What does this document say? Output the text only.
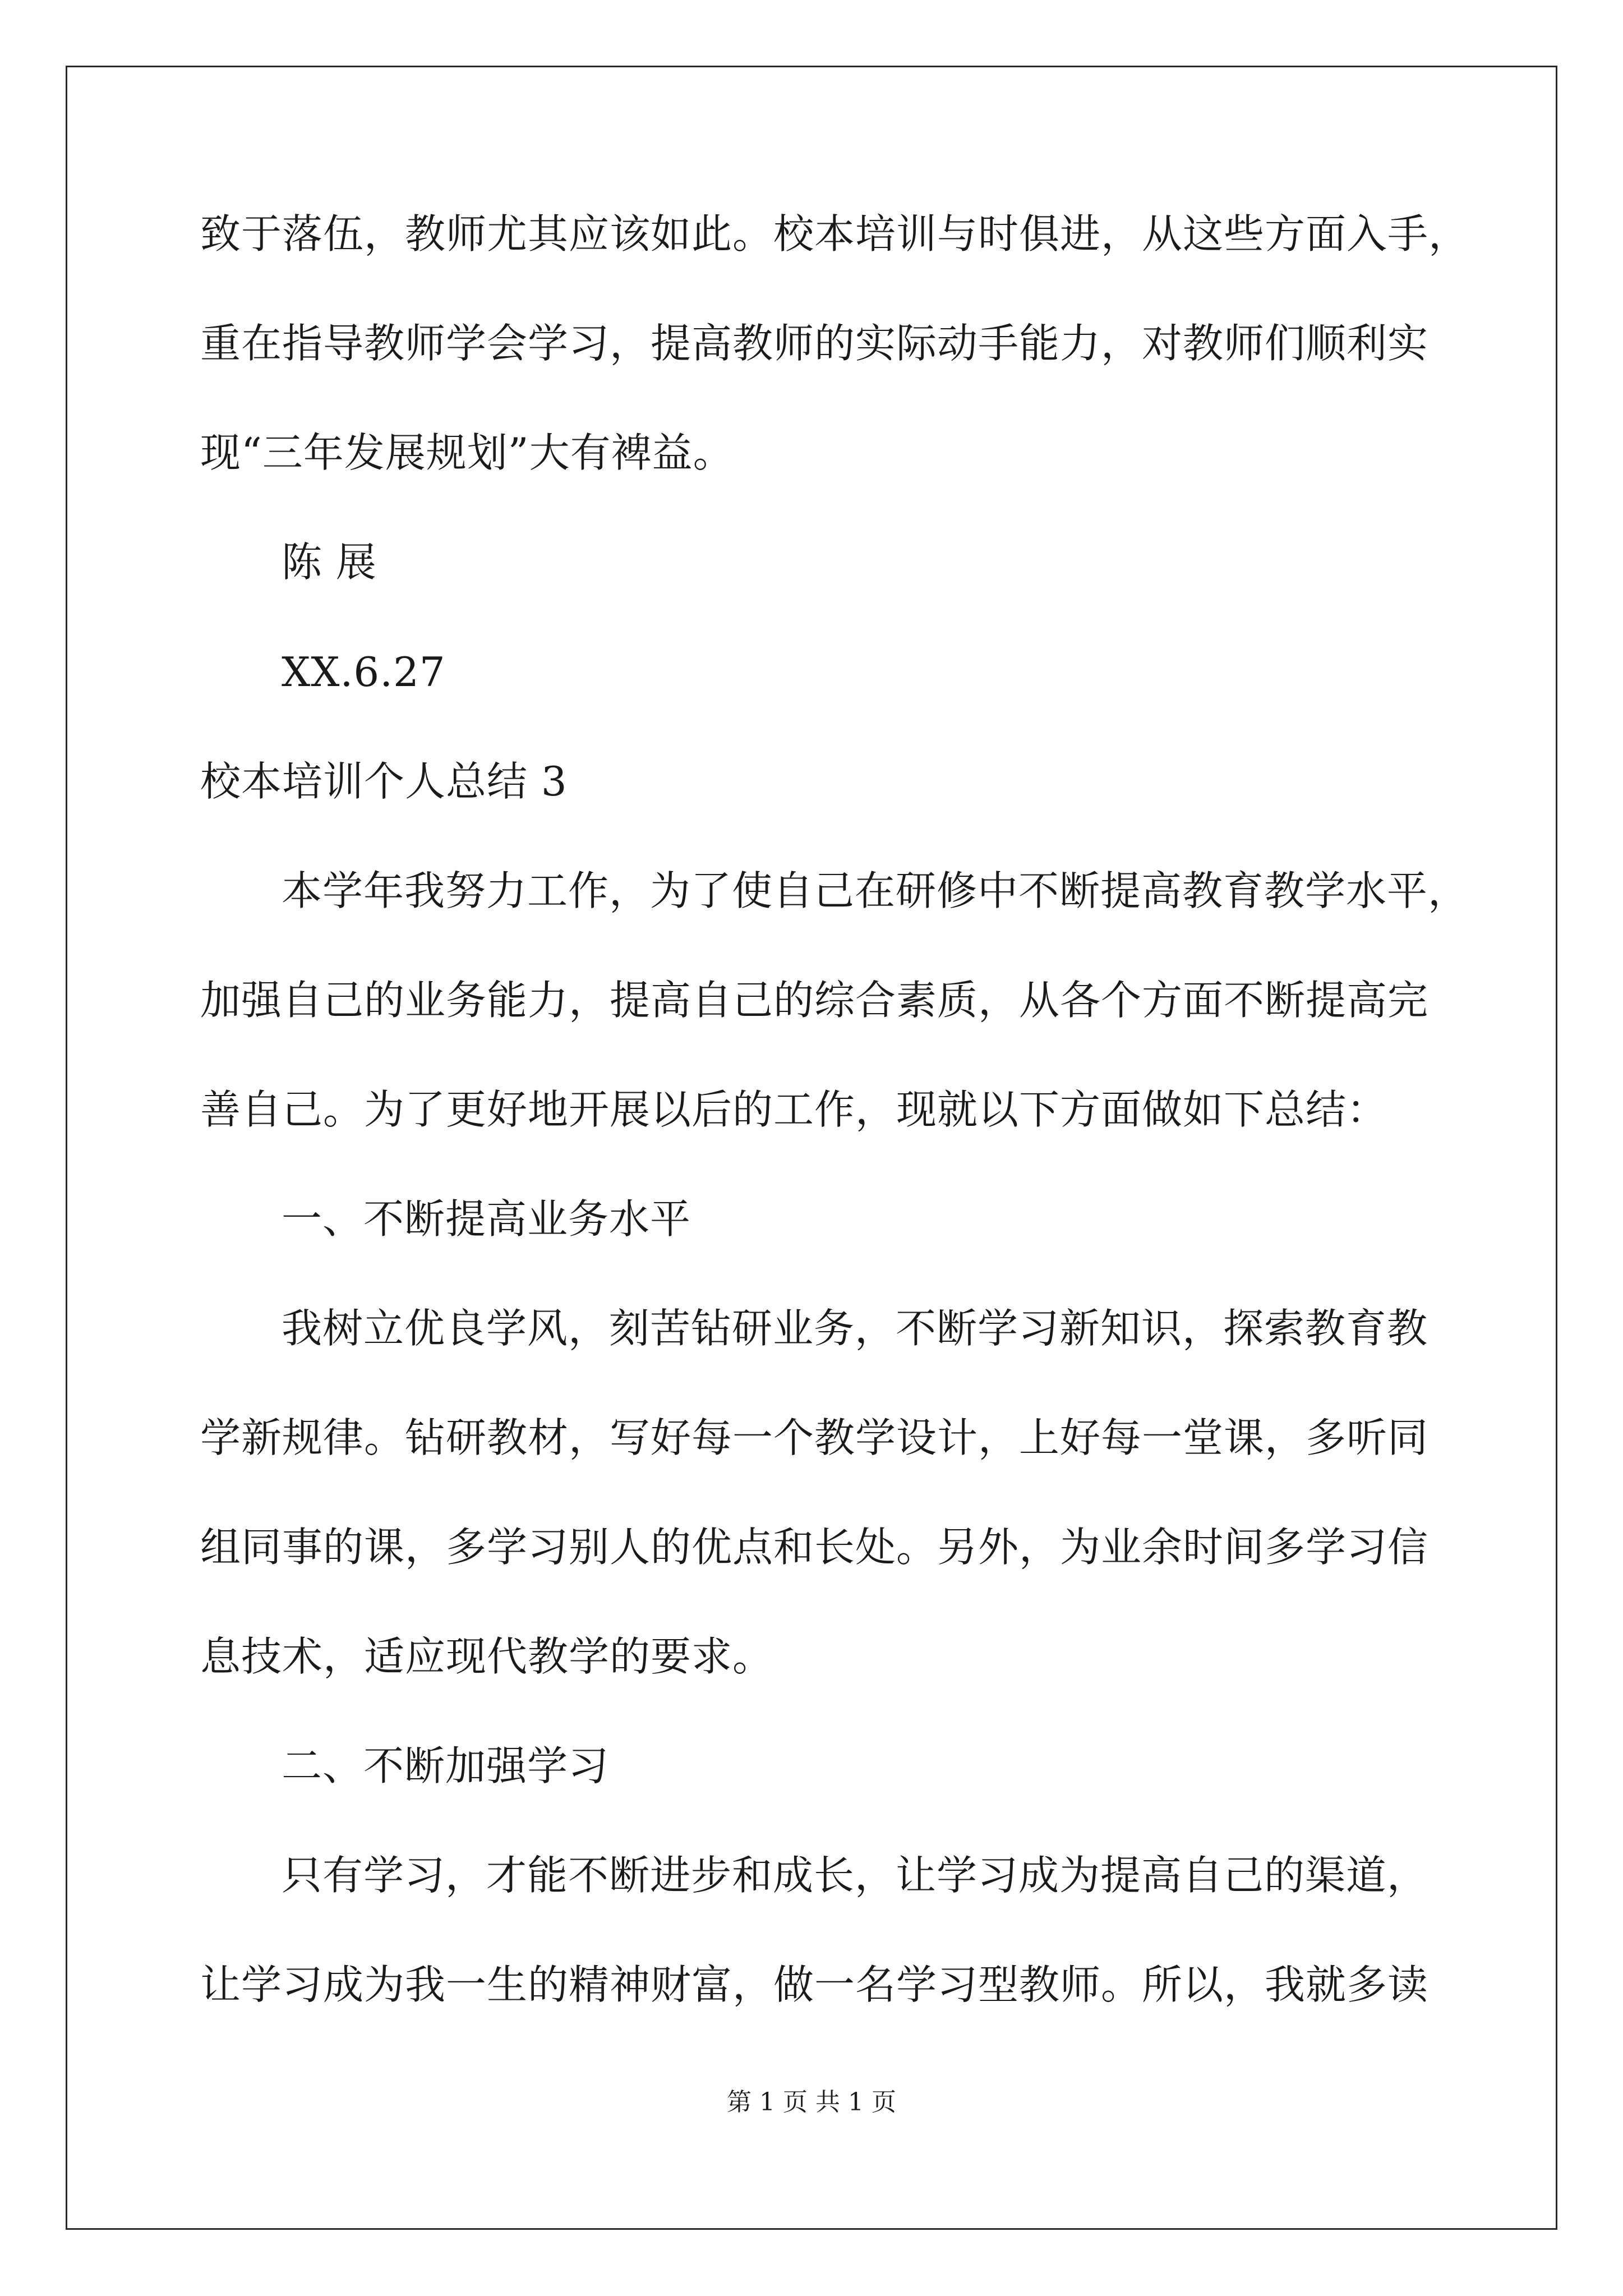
致于落伍，教师尤其应该如此。校本培训与时俱进，从这些方面入手，
重在指导教师学会学习，提高教师的实际动手能力，对教师们顺利实
现“三年发展规划”大有裨益。
陈 展
XX.6.27
校本培训个人总结 3
本学年我努力工作，为了使自己在研修中不断提高教育教学水平，
加强自己的业务能力，提高自己的综合素质，从各个方面不断提高完
善自己。为了更好地开展以后的工作，现就以下方面做如下总结：
一、不断提高业务水平
我树立优良学风，刻苦钻研业务，不断学习新知识，探索教育教
学新规律。钻研教材，写好每一个教学设计，上好每一堂课，多听同
组同事的课，多学习别人的优点和长处。另外，为业余时间多学习信
息技术，适应现代教学的要求。
二、不断加强学习
只有学习，才能不断进步和成长，让学习成为提高自己的渠道，
让学习成为我一生的精神财富，做一名学习型教师。所以，我就多读
第 1 页 共 1 页
